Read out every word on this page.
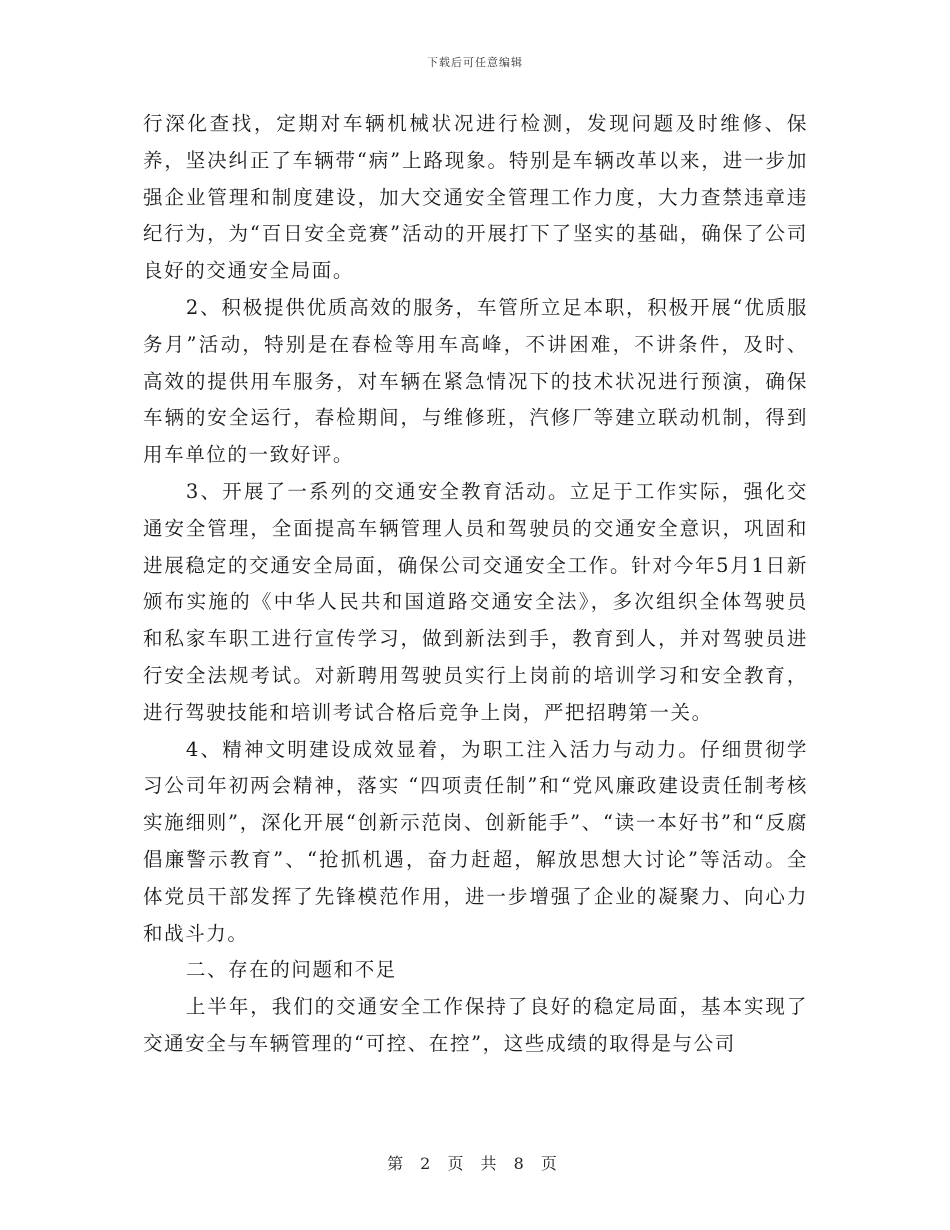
下载后可任意编辑

行深化查找，定期对车辆机械状况进行检测，发现问题及时维修、保养，坚决纠正了车辆带“病”上路现象。特别是车辆改革以来，进一步加强企业管理和制度建设，加大交通安全管理工作力度，大力查禁违章违纪行为，为“百日安全竞赛”活动的开展打下了坚实的基础，确保了公司良好的交通安全局面。

2、积极提供优质高效的服务，车管所立足本职，积极开展“优质服务月”活动，特别是在春检等用车高峰，不讲困难，不讲条件，及时、高效的提供用车服务，对车辆在紧急情况下的技术状况进行预演，确保车辆的安全运行，春检期间，与维修班，汽修厂等建立联动机制，得到用车单位的一致好评。

3、开展了一系列的交通安全教育活动。立足于工作实际，强化交通安全管理，全面提高车辆管理人员和驾驶员的交通安全意识，巩固和进展稳定的交通安全局面，确保公司交通安全工作。针对今年5月1日新颁布实施的《中华人民共和国道路交通安全法》，多次组织全体驾驶员和私家车职工进行宣传学习，做到新法到手，教育到人，并对驾驶员进行安全法规考试。对新聘用驾驶员实行上岗前的培训学习和安全教育，进行驾驶技能和培训考试合格后竞争上岗，严把招聘第一关。

4、精神文明建设成效显着，为职工注入活力与动力。仔细贯彻学习公司年初两会精神，落实 “四项责任制”和“党风廉政建设责任制考核实施细则”，深化开展“创新示范岗、创新能手”、“读一本好书”和“反腐倡廉警示教育”、“抢抓机遇，奋力赶超，解放思想大讨论”等活动。全体党员干部发挥了先锋模范作用，进一步增强了企业的凝聚力、向心力和战斗力。

二、存在的问题和不足

上半年，我们的交通安全工作保持了良好的稳定局面，基本实现了交通安全与车辆管理的“可控、在控”，这些成绩的取得是与公司

第 2 页 共 8 页
